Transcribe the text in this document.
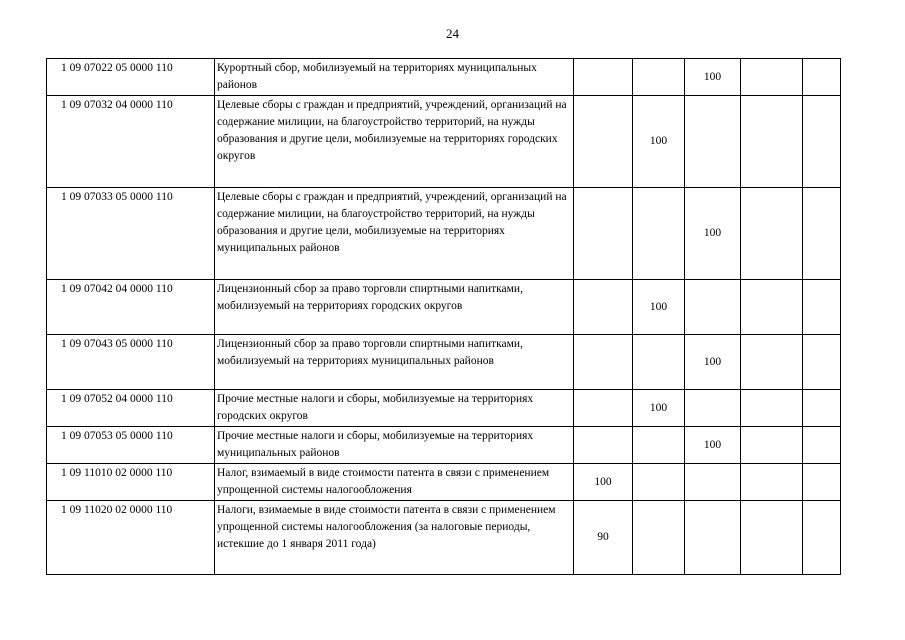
24
1 09 07022 05 0000 110	Курортный сбор, мобилизуемый на территориях муниципальных районов			100		
1 09 07032 04 0000 110	Целевые сборы с граждан и предприятий, учреждений, организаций на содержание милиции, на благоустройство территорий, на нужды образования и другие цели, мобилизуемые на территориях городских округов		100			
1 09 07033 05 0000 110	Целевые сборы с граждан и предприятий, учреждений, организаций на содержание милиции, на благоустройство территорий, на нужды образования и другие цели, мобилизуемые на территориях муниципальных районов			100		
1 09 07042 04 0000 110	Лицензионный сбор за право торговли спиртными напитками, мобилизуемый на территориях городских округов		100			
1 09 07043 05 0000 110	Лицензионный сбор за право торговли спиртными напитками, мобилизуемый на территориях муниципальных районов			100		
1 09 07052 04 0000 110	Прочие местные налоги и сборы, мобилизуемые на территориях городских округов		100			
1 09 07053 05 0000 110	Прочие местные налоги и сборы, мобилизуемые на территориях муниципальных районов			100		
1 09 11010 02 0000 110	Налог, взимаемый в виде стоимости патента в связи с применением упрощенной системы налогообложения	100				
1 09 11020 02 0000 110	Налоги, взимаемые в виде стоимости патента в связи с применением упрощенной системы налогообложения (за налоговые периоды, истекшие до 1 января 2011 года)	90				
